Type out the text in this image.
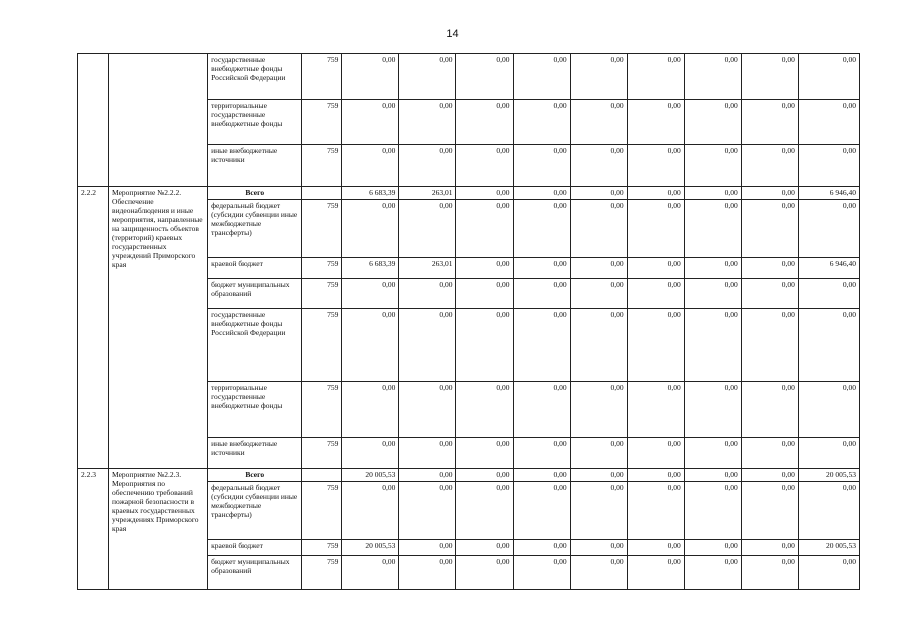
14
		государственные внебюджетные фонды Российской Федерации	759	0,00	0,00	0,00	0,00	0,00	0,00	0,00	0,00	0,00
		территориальные государственные внебюджетные фонды	759	0,00	0,00	0,00	0,00	0,00	0,00	0,00	0,00	0,00
		иные внебюджетные источники	759	0,00	0,00	0,00	0,00	0,00	0,00	0,00	0,00	0,00
2.2.2	Мероприятие №2.2.2. Обеспечение видеонаблюдения и иные мероприятия, направленные на защищенность объектов (территорий) краевых государственных учреждений Приморского края	Всего		6 683,39	263,01	0,00	0,00	0,00	0,00	0,00	0,00	6 946,40
		федеральный бюджет (субсидии субвенции иные межбюджетные трансферты)	759	0,00	0,00	0,00	0,00	0,00	0,00	0,00	0,00	0,00
		краевой бюджет	759	6 683,39	263,01	0,00	0,00	0,00	0,00	0,00	0,00	6 946,40
		бюджет муниципальных образований	759	0,00	0,00	0,00	0,00	0,00	0,00	0,00	0,00	0,00
		государственные внебюджетные фонды Российской Федерации	759	0,00	0,00	0,00	0,00	0,00	0,00	0,00	0,00	0,00
		территориальные государственные внебюджетные фонды	759	0,00	0,00	0,00	0,00	0,00	0,00	0,00	0,00	0,00
		иные внебюджетные источники	759	0,00	0,00	0,00	0,00	0,00	0,00	0,00	0,00	0,00
2.2.3	Мероприятие №2.2.3. Мероприятия по обеспечению требований пожарной безопасности в краевых государственных учреждениях Приморского края	Всего		20 005,53	0,00	0,00	0,00	0,00	0,00	0,00	0,00	20 005,53
		федеральный бюджет (субсидии субвенции иные межбюджетные трансферты)	759	0,00	0,00	0,00	0,00	0,00	0,00	0,00	0,00	0,00
		краевой бюджет	759	20 005,53	0,00	0,00	0,00	0,00	0,00	0,00	0,00	20 005,53
		бюджет муниципальных образований	759	0,00	0,00	0,00	0,00	0,00	0,00	0,00	0,00	0,00
